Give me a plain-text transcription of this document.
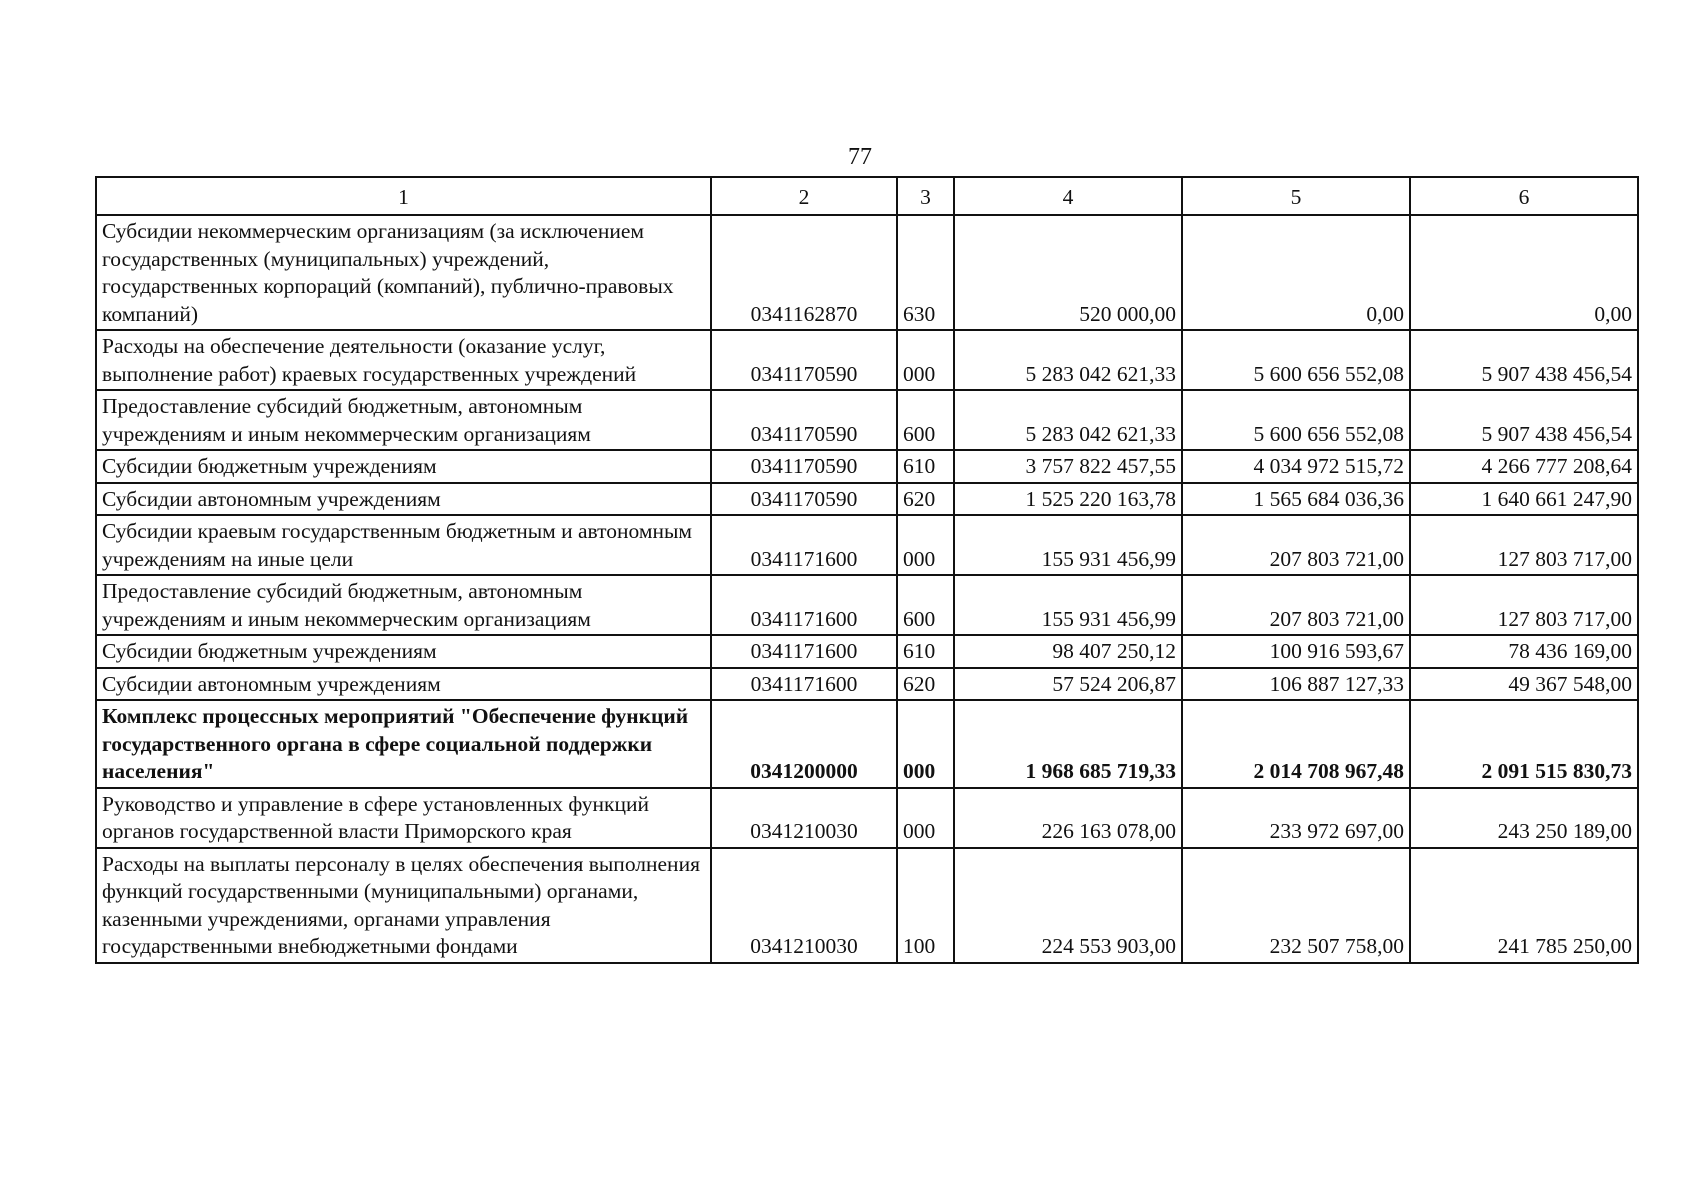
77
1	2	3	4	5	6
Субсидии некоммерческим организациям (за исключением государственных (муниципальных) учреждений, государственных корпораций (компаний), публично-правовых компаний)	0341162870	630	520 000,00	0,00	0,00
Расходы на обеспечение деятельности (оказание услуг, выполнение работ) краевых государственных учреждений	0341170590	000	5 283 042 621,33	5 600 656 552,08	5 907 438 456,54
Предоставление субсидий бюджетным, автономным учреждениям и иным некоммерческим организациям	0341170590	600	5 283 042 621,33	5 600 656 552,08	5 907 438 456,54
Субсидии бюджетным учреждениям	0341170590	610	3 757 822 457,55	4 034 972 515,72	4 266 777 208,64
Субсидии автономным учреждениям	0341170590	620	1 525 220 163,78	1 565 684 036,36	1 640 661 247,90
Субсидии краевым государственным бюджетным и автономным учреждениям на иные цели	0341171600	000	155 931 456,99	207 803 721,00	127 803 717,00
Предоставление субсидий бюджетным, автономным учреждениям и иным некоммерческим организациям	0341171600	600	155 931 456,99	207 803 721,00	127 803 717,00
Субсидии бюджетным учреждениям	0341171600	610	98 407 250,12	100 916 593,67	78 436 169,00
Субсидии автономным учреждениям	0341171600	620	57 524 206,87	106 887 127,33	49 367 548,00
Комплекс процессных мероприятий "Обеспечение функций государственного органа в сфере социальной поддержки населения"	0341200000	000	1 968 685 719,33	2 014 708 967,48	2 091 515 830,73
Руководство и управление в сфере установленных функций органов государственной власти Приморского края	0341210030	000	226 163 078,00	233 972 697,00	243 250 189,00
Расходы на выплаты персоналу в целях обеспечения выполнения функций государственными (муниципальными) органами, казенными учреждениями, органами управления государственными внебюджетными фондами	0341210030	100	224 553 903,00	232 507 758,00	241 785 250,00
